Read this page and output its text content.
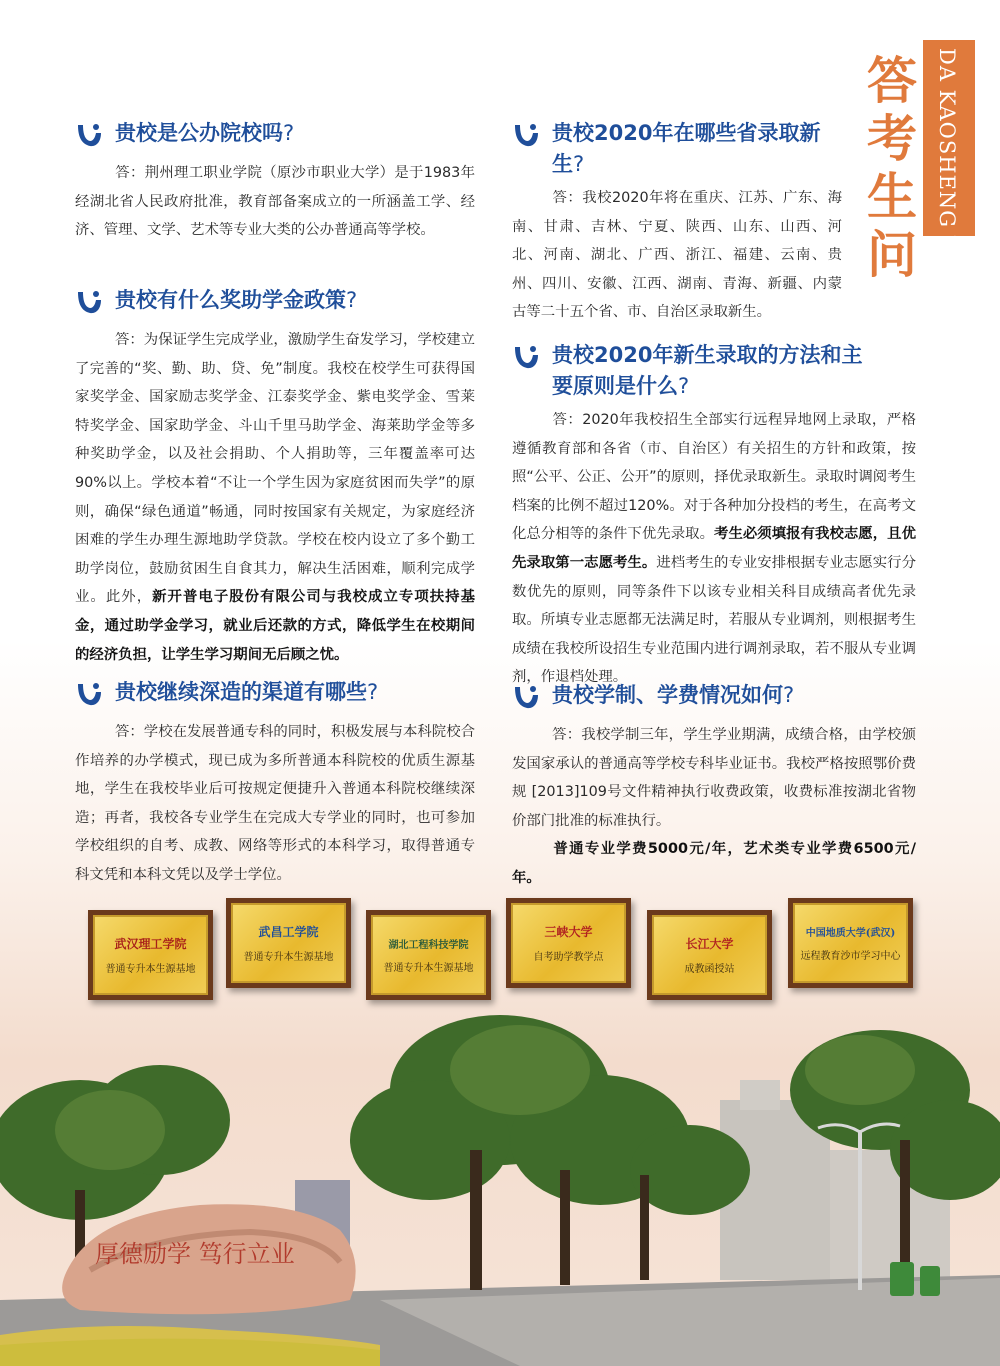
答考生问 DA KAOSHENG WEN
贵校是公办院校吗?
答：荆州理工职业学院（原沙市职业大学）是于1983年经湖北省人民政府批准，教育部备案成立的一所涵盖工学、经济、管理、文学、艺术等专业大类的公办普通高等学校。
贵校有什么奖助学金政策?
答：为保证学生完成学业，激励学生奋发学习，学校建立了完善的“奖、勤、助、贷、免”制度。我校在校学生可获得国家奖学金、国家励志奖学金、江泰奖学金、紫电奖学金、雪莱特奖学金、国家助学金、斗山千里马助学金、海莱助学金等多种奖助学金，以及社会捐助、个人捐助等，三年覆盖率可达90%以上。学校本着“不让一个学生因为家庭贫困而失学”的原则，确保“绿色通道”畅通，同时按国家有关规定，为家庭经济困难的学生办理生源地助学贷款。学校在校内设立了多个勤工助学岗位，鼓励贫困生自食其力，解决生活困难，顺利完成学业。此外，新开普电子股份有限公司与我校成立专项扶持基金，通过助学金学习，就业后还款的方式，降低学生在校期间的经济负担，让学生学习期间无后顾之忧。
贵校继续深造的渠道有哪些?
答：学校在发展普通专科的同时，积极发展与本科院校合作培养的办学模式，现已成为多所普通本科院校的优质生源基地，学生在我校毕业后可按规定便捷升入普通本科院校继续深造；再者，我校各专业学生在完成大专学业的同时，也可参加学校组织的自考、成教、网络等形式的本科学习，取得普通专科文凭和本科文凭以及学士学位。
贵校2020年在哪些省录取新生?
答：我校2020年将在重庆、江苏、广东、海南、甘肃、吉林、宁夏、陕西、山东、山西、河北、河南、湖北、广西、浙江、福建、云南、贵州、四川、安徽、江西、湖南、青海、新疆、内蒙古等二十五个省、市、自治区录取新生。
贵校2020年新生录取的方法和主要原则是什么?
答：2020年我校招生全部实行远程异地网上录取，严格遵循教育部和各省（市、自治区）有关招生的方针和政策，按照“公平、公正、公开”的原则，择优录取新生。录取时调阅考生档案的比例不超过120%。对于各种加分投档的考生，在高考文化总分相等的条件下优先录取。考生必须填报有我校志愿，且优先录取第一志愿考生。进档考生的专业安排根据专业志愿实行分数优先的原则，同等条件下以该专业相关科目成绩高者优先录取。所填专业志愿都无法满足时，若服从专业调剂，则根据考生成绩在我校所设招生专业范围内进行调剂录取，若不服从专业调剂，作退档处理。
贵校学制、学费情况如何?
答：我校学制三年，学生学业期满，成绩合格，由学校颁发国家承认的普通高等学校专科毕业证书。我校严格按照鄂价费规 [2013]109号文件精神执行收费政策，收费标准按湖北省物价部门批准的标准执行。
普通专业学费5000元/年，艺术类专业学费6500元/年。
武汉理工学院
普通专升本生源基地
武昌工学院
普通专升本生源基地
湖北工程科技学院
普通专升本生源基地
三峡大学
自考助学教学点
长江大学
成教函授站
中国地质大学(武汉)
远程教育沙市学习中心
厚德励学 笃行立业
